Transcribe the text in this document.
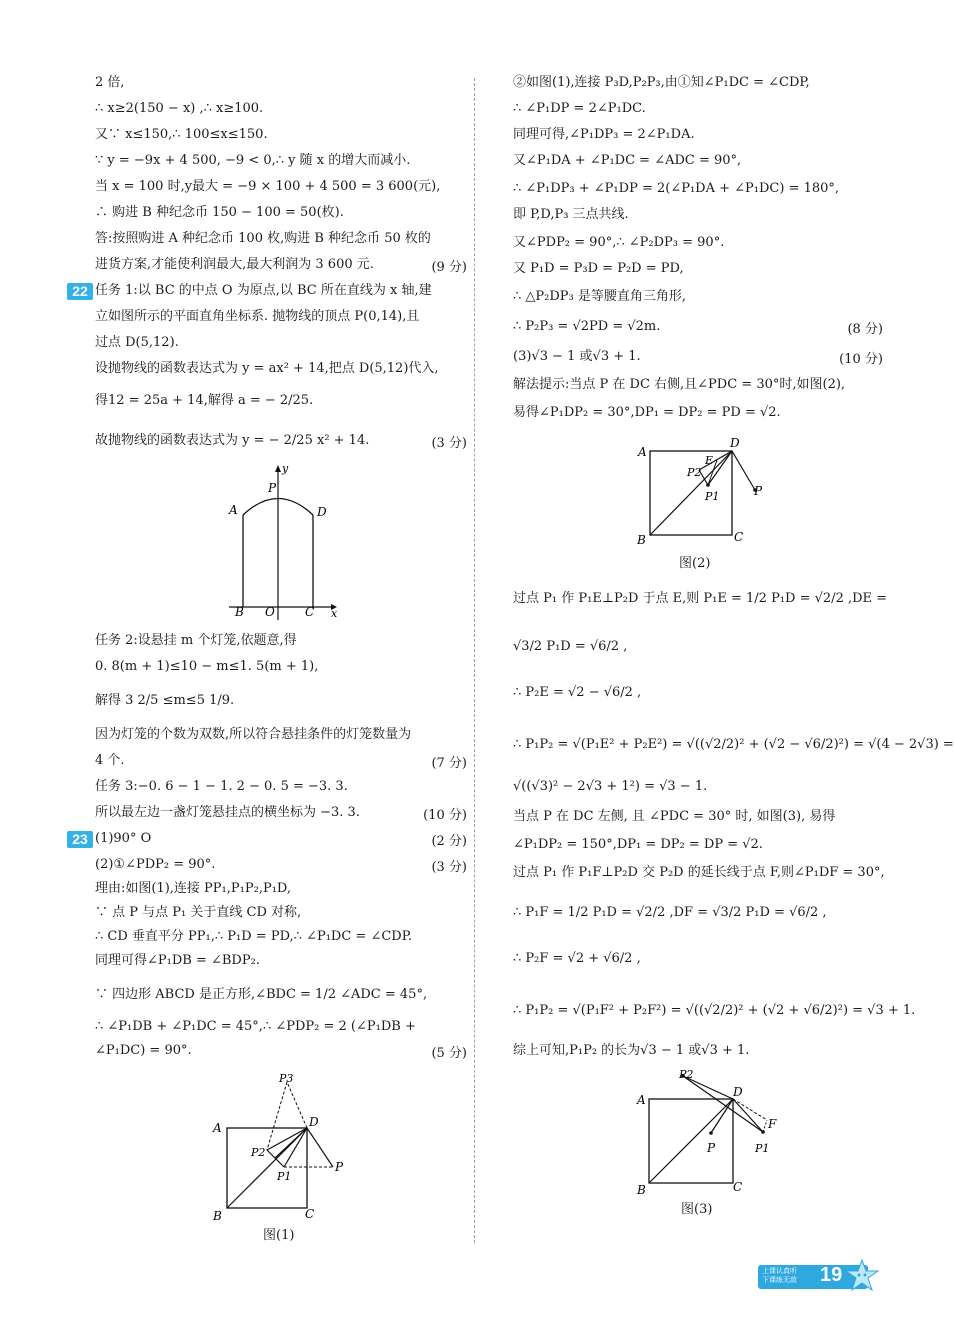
2 倍,
∴ x≥2(150 − x) ,∴ x≥100.
又∵ x≤150,∴ 100≤x≤150.
∵ y = −9x + 4 500, −9 < 0,∴ y 随 x 的增大而减小.
当 x = 100 时,y最大 = −9 × 100 + 4 500 = 3 600(元),
∴ 购进 B 种纪念币 150 − 100 = 50(枚).
答:按照购进 A 种纪念币 100 枚,购进 B 种纪念币 50 枚的
进货方案,才能使利润最大,最大利润为 3 600 元.	(9 分)
22 任务 1:以 BC 的中点 O 为原点,以 BC 所在直线为 x 轴,建
立如图所示的平面直角坐标系. 抛物线的顶点 P(0,14),且
过点 D(5,12).
设抛物线的函数表达式为 y = ax² + 14,把点 D(5,12)代入,
得12 = 25a + 14,解得 a = − 2/25.
故抛物线的函数表达式为 y = − 2/25 x² + 14.	(3 分)
y
P
A	D
B O	C x
任务 2:设悬挂 m 个灯笼,依题意,得
0. 8(m + 1)≤10 − m≤1. 5(m + 1),
解得 3 2/5 ≤m≤5 1/9.
因为灯笼的个数为双数,所以符合悬挂条件的灯笼数量为
4 个.	(7 分)
任务 3:−0. 6 − 1 − 1. 2 − 0. 5 = −3. 3.
所以最左边一盏灯笼悬挂点的横坐标为 −3. 3.	(10 分)
23 (1)90° O	(2 分)
(2)①∠PDP₂ = 90°.	(3 分)
理由:如图(1),连接 PP₁,P₁P₂,P₁D,
∵ 点 P 与点 P₁ 关于直线 CD 对称,
∴ CD 垂直平分 PP₁,∴ P₁D = PD,∴ ∠P₁DC = ∠CDP.
同理可得∠P₁DB = ∠BDP₂.
∵ 四边形 ABCD 是正方形,∠BDC = 1/2 ∠ADC = 45°,
∴ ∠P₁DB + ∠P₁DC = 45°,∴ ∠PDP₂ = 2 (∠P₁DB +
∠P₁DC) = 90°.	(5 分)
P3
A	D
P2
P
P1
B	C
图(1)
②如图(1),连接 P₃D,P₂P₃,由①知∠P₁DC = ∠CDP,
∴ ∠P₁DP = 2∠P₁DC.
同理可得,∠P₁DP₃ = 2∠P₁DA.
又∠P₁DA + ∠P₁DC = ∠ADC = 90°,
∴ ∠P₁DP₃ + ∠P₁DP = 2(∠P₁DA + ∠P₁DC) = 180°,
即 P,D,P₃ 三点共线.
又∠PDP₂ = 90°,∴ ∠P₂DP₃ = 90°.
又 P₁D = P₃D = P₂D = PD,
∴ △P₂DP₃ 是等腰直角三角形,
∴ P₂P₃ = √2PD = √2m.	(8 分)
(3)√3 − 1 或√3 + 1.	(10 分)
解法提示:当点 P 在 DC 右侧,且∠PDC = 30°时,如图(2),
易得∠P₁DP₂ = 30°,DP₁ = DP₂ = PD = √2.
A
D
E
P2
P1	P
B	C
图(2)
过点 P₁ 作 P₁E⊥P₂D 于点 E,则 P₁E = 1/2 P₁D = √2/2 ,DE =
√3/2 P₁D = √6/2 ,
∴ P₂E = √2 − √6/2 ,
∴ P₁P₂ = √(P₁E² + P₂E²) = √((√2/2)² + (√2 − √6/2)²) = √(4 − 2√3) =
√((√3)² − 2√3 + 1²) = √3 − 1.
当点 P 在 DC 左侧, 且 ∠PDC = 30° 时, 如图(3), 易得
∠P₁DP₂ = 150°,DP₁ = DP₂ = DP = √2.
过点 P₁ 作 P₁F⊥P₂D 交 P₂D 的延长线于点 F,则∠P₁DF = 30°,
∴ P₁F = 1/2 P₁D = √2/2 ,DF = √3/2 P₁D = √6/2 ,
∴ P₂F = √2 + √6/2 ,
∴ P₁P₂ = √(P₁F² + P₂F²) = √((√2/2)² + (√2 + √6/2)²) = √3 + 1.
综上可知,P₁P₂ 的长为√3 − 1 或√3 + 1.
P2
D
A
F
P	P1
B	C
图(3)
上课认真听
下课练无敌	19
